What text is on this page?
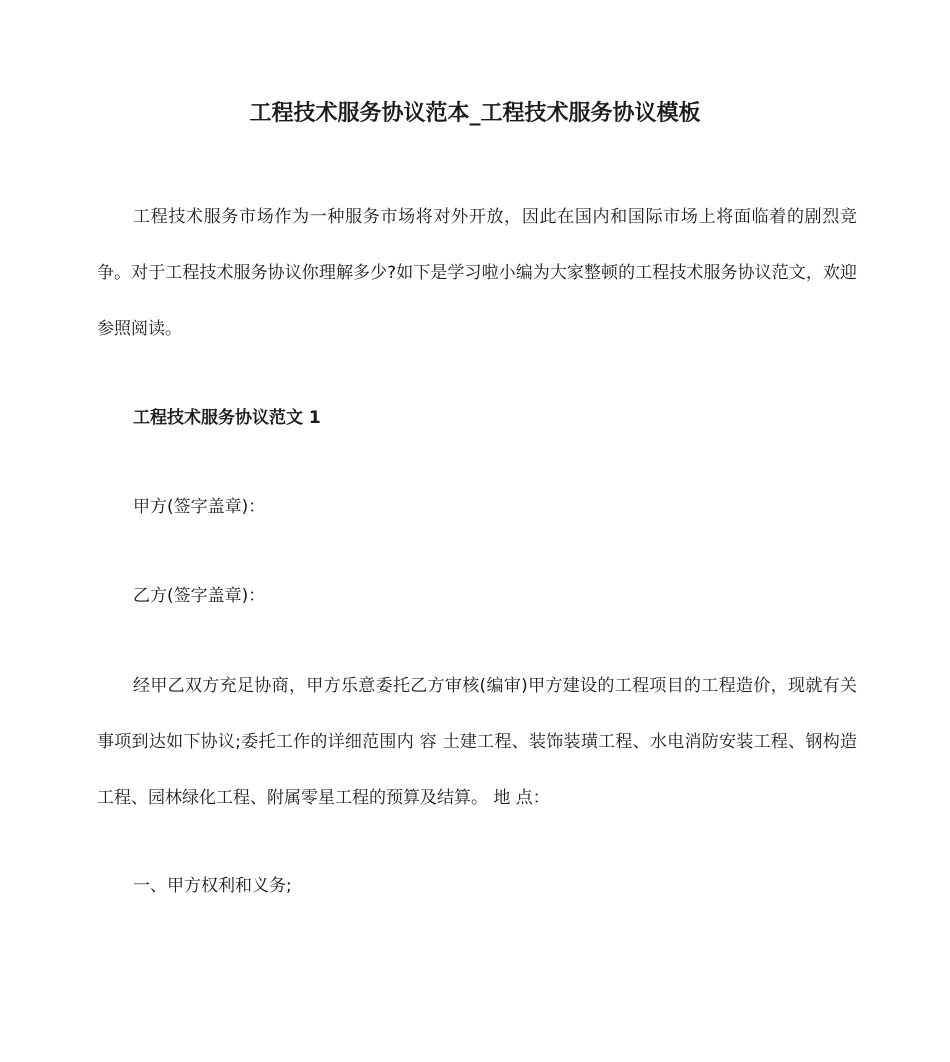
工程技术服务协议范本_工程技术服务协议模板

工程技术服务市场作为一种服务市场将对外开放，因此在国内和国际市场上将面临着的剧烈竞争。对于工程技术服务协议你理解多少?如下是学习啦小编为大家整顿的工程技术服务协议范文，欢迎参照阅读。

工程技术服务协议范文 1

甲方(签字盖章)：

乙方(签字盖章)：

经甲乙双方充足协商，甲方乐意委托乙方审核(编审)甲方建设的工程项目的工程造价，现就有关事项到达如下协议;委托工作的详细范围内 容 土建工程、装饰装璜工程、水电消防安装工程、钢构造工程、园林绿化工程、附属零星工程的预算及结算。 地 点：

一、甲方权利和义务;
